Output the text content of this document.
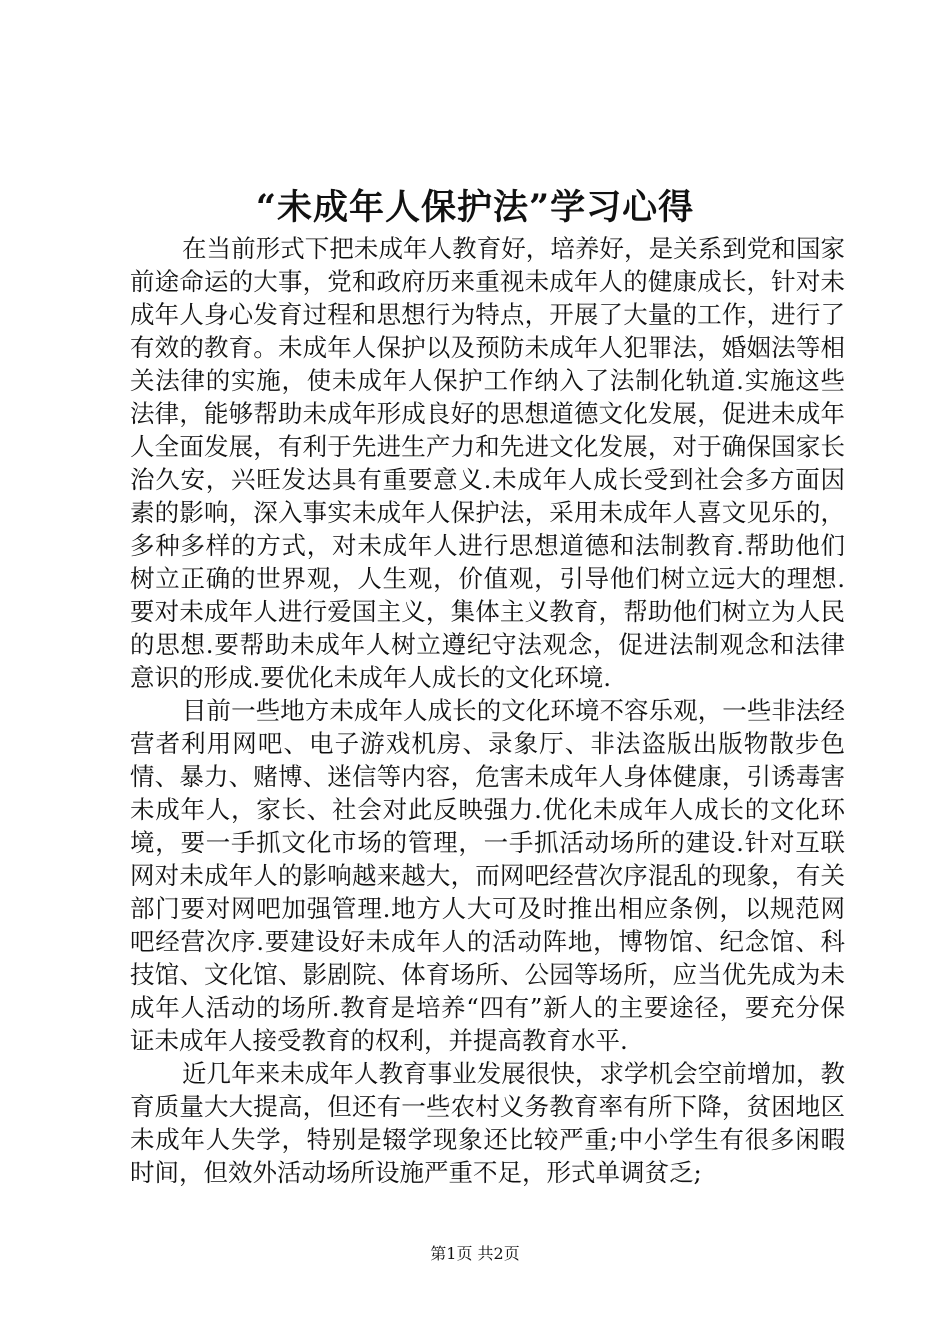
“未成年人保护法”学习心得

在当前形式下把未成年人教育好，培养好，是关系到党和国家前途命运的大事，党和政府历来重视未成年人的健康成长，针对未成年人身心发育过程和思想行为特点，开展了大量的工作，进行了有效的教育。未成年人保护以及预防未成年人犯罪法，婚姻法等相关法律的实施，使未成年人保护工作纳入了法制化轨道.实施这些法律，能够帮助未成年形成良好的思想道德文化发展，促进未成年人全面发展，有利于先进生产力和先进文化发展，对于确保国家长治久安，兴旺发达具有重要意义.未成年人成长受到社会多方面因素的影响，深入事实未成年人保护法，采用未成年人喜文见乐的，多种多样的方式，对未成年人进行思想道德和法制教育.帮助他们树立正确的世界观，人生观，价值观，引导他们树立远大的理想.要对未成年人进行爱国主义，集体主义教育，帮助他们树立为人民的思想.要帮助未成年人树立遵纪守法观念，促进法制观念和法律意识的形成.要优化未成年人成长的文化环境.

目前一些地方未成年人成长的文化环境不容乐观，一些非法经营者利用网吧、电子游戏机房、录象厅、非法盗版出版物散步色情、暴力、赌博、迷信等内容，危害未成年人身体健康，引诱毒害未成年人，家长、社会对此反映强力.优化未成年人成长的文化环境，要一手抓文化市场的管理，一手抓活动场所的建设.针对互联网对未成年人的影响越来越大，而网吧经营次序混乱的现象，有关部门要对网吧加强管理.地方人大可及时推出相应条例，以规范网吧经营次序.要建设好未成年人的活动阵地，博物馆、纪念馆、科技馆、文化馆、影剧院、体育场所、公园等场所，应当优先成为未成年人活动的场所.教育是培养“四有”新人的主要途径，要充分保证未成年人接受教育的权利，并提高教育水平.

近几年来未成年人教育事业发展很快，求学机会空前增加，教育质量大大提高，但还有一些农村义务教育率有所下降，贫困地区未成年人失学，特别是辍学现象还比较严重;中小学生有很多闲暇时间，但效外活动场所设施严重不足，形式单调贫乏;

第1页 共2页
